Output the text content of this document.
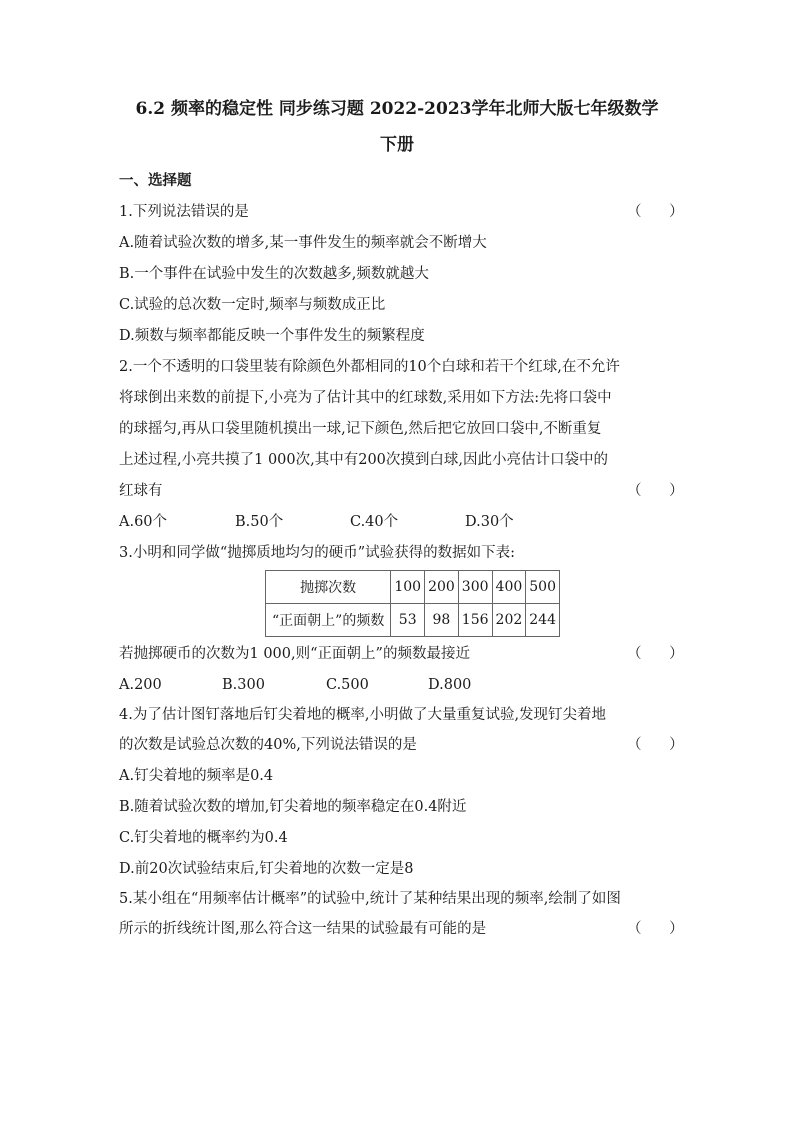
6.2 频率的稳定性 同步练习题 2022-2023学年北师大版七年级数学
下册
一、选择题
1.下列说法错误的是	（      ）
A.随着试验次数的增多,某一事件发生的频率就会不断增大
B.一个事件在试验中发生的次数越多,频数就越大
C.试验的总次数一定时,频率与频数成正比
D.频数与频率都能反映一个事件发生的频繁程度
2.一个不透明的口袋里装有除颜色外都相同的10个白球和若干个红球,在不允许
将球倒出来数的前提下,小亮为了估计其中的红球数,采用如下方法:先将口袋中
的球摇匀,再从口袋里随机摸出一球,记下颜色,然后把它放回口袋中,不断重复
上述过程,小亮共摸了1 000次,其中有200次摸到白球,因此小亮估计口袋中的
红球有	（      ）
A.60个	B.50个	C.40个	D.30个
3.小明和同学做“抛掷质地均匀的硬币”试验获得的数据如下表:
抛掷次数	100	200	300	400	500
“正面朝上”的频数	53	98	156	202	244
若抛掷硬币的次数为1 000,则“正面朝上”的频数最接近	（      ）
A.200	B.300	C.500	D.800
4.为了估计图钉落地后钉尖着地的概率,小明做了大量重复试验,发现钉尖着地
的次数是试验总次数的40%,下列说法错误的是	（      ）
A.钉尖着地的频率是0.4
B.随着试验次数的增加,钉尖着地的频率稳定在0.4附近
C.钉尖着地的概率约为0.4
D.前20次试验结束后,钉尖着地的次数一定是8
5.某小组在“用频率估计概率”的试验中,统计了某种结果出现的频率,绘制了如图
所示的折线统计图,那么符合这一结果的试验最有可能的是	（      ）
